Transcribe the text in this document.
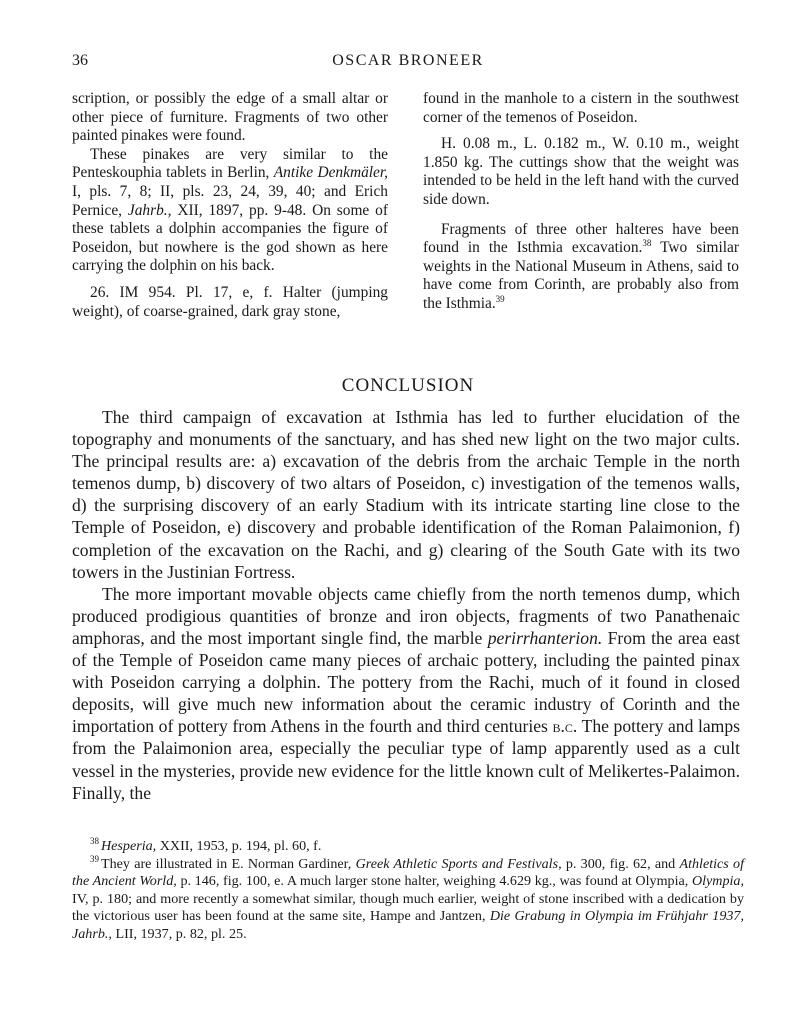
36	OSCAR BRONEER

scription, or possibly the edge of a small altar or other piece of furniture. Fragments of two other painted pinakes were found.

These pinakes are very similar to the Penteskouphia tablets in Berlin, Antike Denkmäler, I, pls. 7, 8; II, pls. 23, 24, 39, 40; and Erich Pernice, Jahrb., XII, 1897, pp. 9-48. On some of these tablets a dolphin accompanies the figure of Poseidon, but nowhere is the god shown as here carrying the dolphin on his back.

26. IM 954. Pl. 17, e, f. Halter (jumping weight), of coarse-grained, dark gray stone,

found in the manhole to a cistern in the southwest corner of the temenos of Poseidon.

H. 0.08 m., L. 0.182 m., W. 0.10 m., weight 1.850 kg. The cuttings show that the weight was intended to be held in the left hand with the curved side down.

Fragments of three other halteres have been found in the Isthmia excavation.$^{38}$ Two similar weights in the National Museum in Athens, said to have come from Corinth, are probably also from the Isthmia.$^{39}$

CONCLUSION

The third campaign of excavation at Isthmia has led to further elucidation of the topography and monuments of the sanctuary, and has shed new light on the two major cults. The principal results are: a) excavation of the debris from the archaic Temple in the north temenos dump, b) discovery of two altars of Poseidon, c) investigation of the temenos walls, d) the surprising discovery of an early Stadium with its intricate starting line close to the Temple of Poseidon, e) discovery and probable identification of the Roman Palaimonion, f) completion of the excavation on the Rachi, and g) clearing of the South Gate with its two towers in the Justinian Fortress.

The more important movable objects came chiefly from the north temenos dump, which produced prodigious quantities of bronze and iron objects, fragments of two Panathenaic amphoras, and the most important single find, the marble perirrhanterion. From the area east of the Temple of Poseidon came many pieces of archaic pottery, including the painted pinax with Poseidon carrying a dolphin. The pottery from the Rachi, much of it found in closed deposits, will give much new information about the ceramic industry of Corinth and the importation of pottery from Athens in the fourth and third centuries b.c. The pottery and lamps from the Palaimonion area, especially the peculiar type of lamp apparently used as a cult vessel in the mysteries, provide new evidence for the little known cult of Melikertes-Palaimon. Finally, the

$^{38}$ Hesperia, XXII, 1953, p. 194, pl. 60, f.

$^{39}$ They are illustrated in E. Norman Gardiner, Greek Athletic Sports and Festivals, p. 300, fig. 62, and Athletics of the Ancient World, p. 146, fig. 100, e. A much larger stone halter, weighing 4.629 kg., was found at Olympia, Olympia, IV, p. 180; and more recently a somewhat similar, though much earlier, weight of stone inscribed with a dedication by the victorious user has been found at the same site, Hampe and Jantzen, Die Grabung in Olympia im Frühjahr 1937, Jahrb., LII, 1937, p. 82, pl. 25.
